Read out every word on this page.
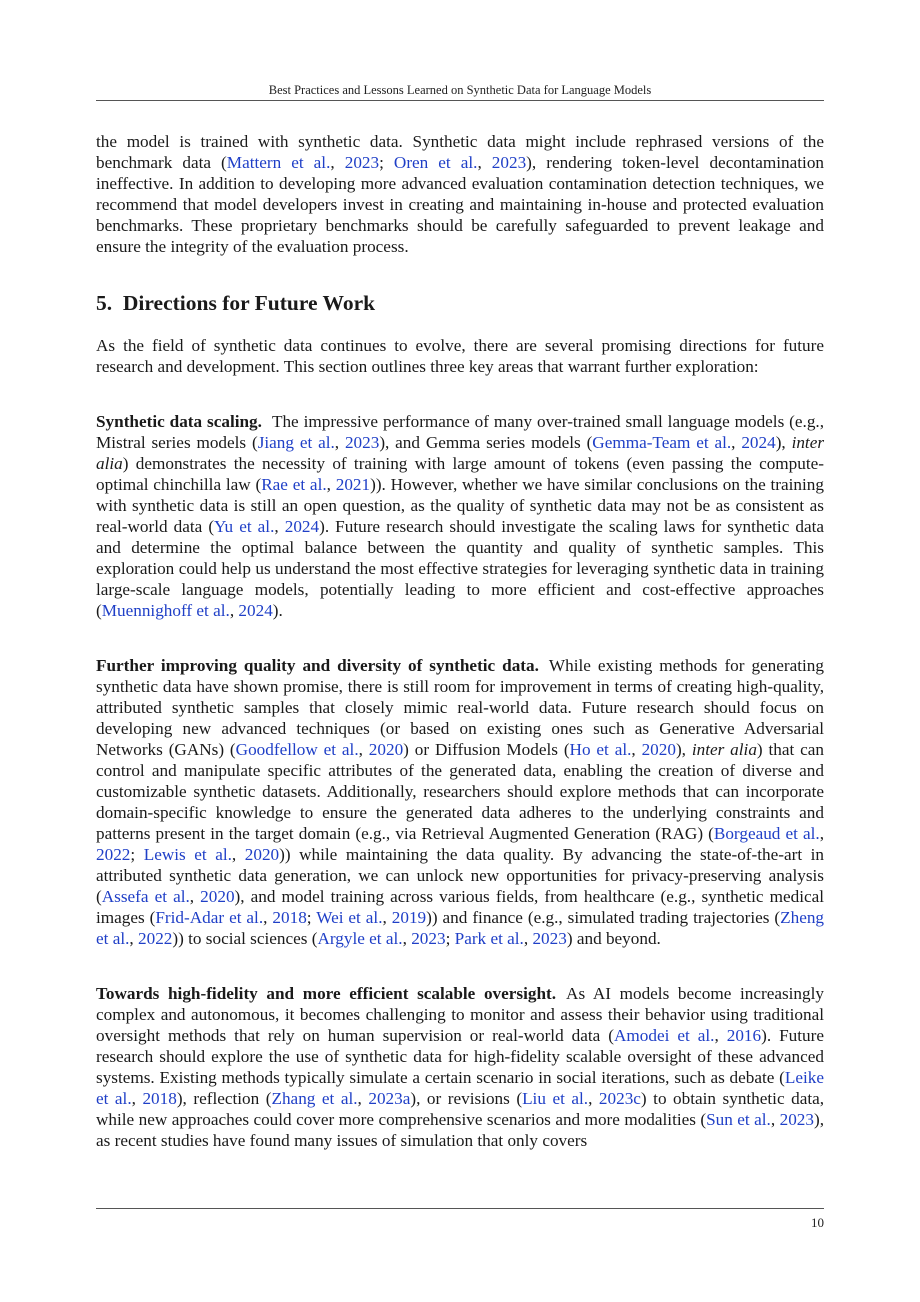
Best Practices and Lessons Learned on Synthetic Data for Language Models

the model is trained with synthetic data. Synthetic data might include rephrased versions of the benchmark data (Mattern et al., 2023; Oren et al., 2023), rendering token-level decontamination ineffective. In addition to developing more advanced evaluation contamination detection techniques, we recommend that model developers invest in creating and maintaining in-house and protected evaluation benchmarks. These proprietary benchmarks should be carefully safeguarded to prevent leakage and ensure the integrity of the evaluation process.

5. Directions for Future Work

As the field of synthetic data continues to evolve, there are several promising directions for future research and development. This section outlines three key areas that warrant further exploration:

Synthetic data scaling. The impressive performance of many over-trained small language models (e.g., Mistral series models (Jiang et al., 2023), and Gemma series models (Gemma-Team et al., 2024), inter alia) demonstrates the necessity of training with large amount of tokens (even passing the compute-optimal chinchilla law (Rae et al., 2021)). However, whether we have similar conclusions on the training with synthetic data is still an open question, as the quality of synthetic data may not be as consistent as real-world data (Yu et al., 2024). Future research should investigate the scaling laws for synthetic data and determine the optimal balance between the quantity and quality of synthetic samples. This exploration could help us understand the most effective strategies for leveraging synthetic data in training large-scale language models, potentially leading to more efficient and cost-effective approaches (Muennighoff et al., 2024).

Further improving quality and diversity of synthetic data. While existing methods for generating synthetic data have shown promise, there is still room for improvement in terms of creating high-quality, attributed synthetic samples that closely mimic real-world data. Future research should focus on developing new advanced techniques (or based on existing ones such as Generative Adversarial Networks (GANs) (Goodfellow et al., 2020) or Diffusion Models (Ho et al., 2020), inter alia) that can control and manipulate specific attributes of the generated data, enabling the creation of diverse and customizable synthetic datasets. Additionally, researchers should explore methods that can incorporate domain-specific knowledge to ensure the generated data adheres to the underlying constraints and patterns present in the target domain (e.g., via Retrieval Augmented Generation (RAG) (Borgeaud et al., 2022; Lewis et al., 2020)) while maintaining the data quality. By advancing the state-of-the-art in attributed synthetic data generation, we can unlock new opportunities for privacy-preserving analysis (Assefa et al., 2020), and model training across various fields, from healthcare (e.g., synthetic medical images (Frid-Adar et al., 2018; Wei et al., 2019)) and finance (e.g., simulated trading trajectories (Zheng et al., 2022)) to social sciences (Argyle et al., 2023; Park et al., 2023) and beyond.

Towards high-fidelity and more efficient scalable oversight. As AI models become increasingly complex and autonomous, it becomes challenging to monitor and assess their behavior using traditional oversight methods that rely on human supervision or real-world data (Amodei et al., 2016). Future research should explore the use of synthetic data for high-fidelity scalable oversight of these advanced systems. Existing methods typically simulate a certain scenario in social iterations, such as debate (Leike et al., 2018), reflection (Zhang et al., 2023a), or revisions (Liu et al., 2023c) to obtain synthetic data, while new approaches could cover more comprehensive scenarios and more modalities (Sun et al., 2023), as recent studies have found many issues of simulation that only covers

10
